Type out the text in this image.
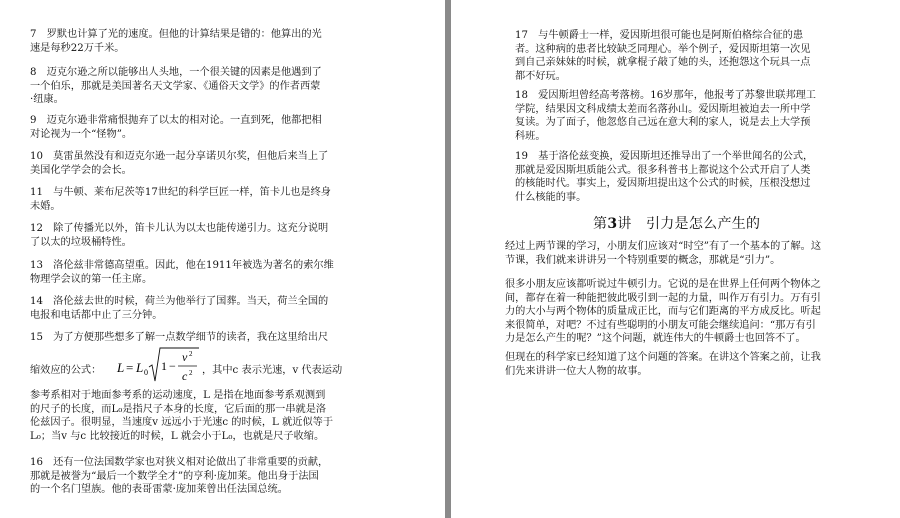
7　罗默也计算了光的速度。但他的计算结果是错的：他算出的光
速是每秒22万千米。

8　迈克尔逊之所以能够出人头地，一个很关键的因素是他遇到了
一个伯乐，那就是美国著名天文学家、《通俗天文学》的作者西蒙
·纽康。

9　迈克尔逊非常痛恨抛弃了以太的相对论。一直到死，他都把相
对论视为一个“怪物”。

10　莫雷虽然没有和迈克尔逊一起分享诺贝尔奖，但他后来当上了
美国化学学会的会长。

11　与牛顿、莱布尼茨等17世纪的科学巨匠一样，笛卡儿也是终身
未婚。

12　除了传播光以外，笛卡儿认为以太也能传递引力。这充分说明
了以太的垃圾桶特性。

13　洛伦兹非常德高望重。因此，他在1911年被选为著名的索尔维
物理学会议的第一任主席。

14　洛伦兹去世的时候，荷兰为他举行了国葬。当天，荷兰全国的
电报和电话都中止了三分钟。

15　为了方便那些想多了解一点数学细节的读者，我在这里给出尺

缩效应的公式： L = L 0 1 −
v 2
c 2 ，其中c 表示光速，v 代表运动

参考系相对于地面参考系的运动速度，L 是指在地面参考系观测到
的尺子的长度，而L₀是指尺子本身的长度，它后面的那一串就是洛
伦兹因子。很明显，当速度v 远远小于光速c 的时候，L 就近似等于
L₀；当v 与c 比较接近的时候，L 就会小于L₀，也就是尺子收缩。

16　还有一位法国数学家也对狭义相对论做出了非常重要的贡献，
那就是被誉为“最后一个数学全才”的亨利·庞加莱。他出身于法国
的一个名门望族。他的表哥雷蒙·庞加莱曾出任法国总统。

17　与牛顿爵士一样，爱因斯坦很可能也是阿斯伯格综合征的患
者。这种病的患者比较缺乏同理心。举个例子，爱因斯坦第一次见
到自己亲妹妹的时候，就拿棍子敲了她的头，还抱怨这个玩具一点
都不好玩。

18　爱因斯坦曾经高考落榜。16岁那年，他报考了苏黎世联邦理工
学院，结果因文科成绩太差而名落孙山。爱因斯坦被迫去一所中学
复读。为了面子，他忽悠自己远在意大利的家人，说是去上大学预
科班。

19　基于洛伦兹变换，爱因斯坦还推导出了一个举世闻名的公式，
那就是爱因斯坦质能公式。很多科普书上都说这个公式开启了人类
的核能时代。事实上，爱因斯坦提出这个公式的时候，压根没想过
什么核能的事。

第3讲　引力是怎么产生的

经过上两节课的学习，小朋友们应该对“时空”有了一个基本的了解。这
节课，我们就来讲讲另一个特别重要的概念，那就是“引力”。

很多小朋友应该都听说过牛顿引力。它说的是在世界上任何两个物体之
间，都存在着一种能把彼此吸引到一起的力量，叫作万有引力。万有引
力的大小与两个物体的质量成正比，而与它们距离的平方成反比。听起
来很简单，对吧？不过有些聪明的小朋友可能会继续追问：“那万有引
力是怎么产生的呢？”这个问题，就连伟大的牛顿爵士也回答不了。

但现在的科学家已经知道了这个问题的答案。在讲这个答案之前，让我
们先来讲讲一位大人物的故事。
